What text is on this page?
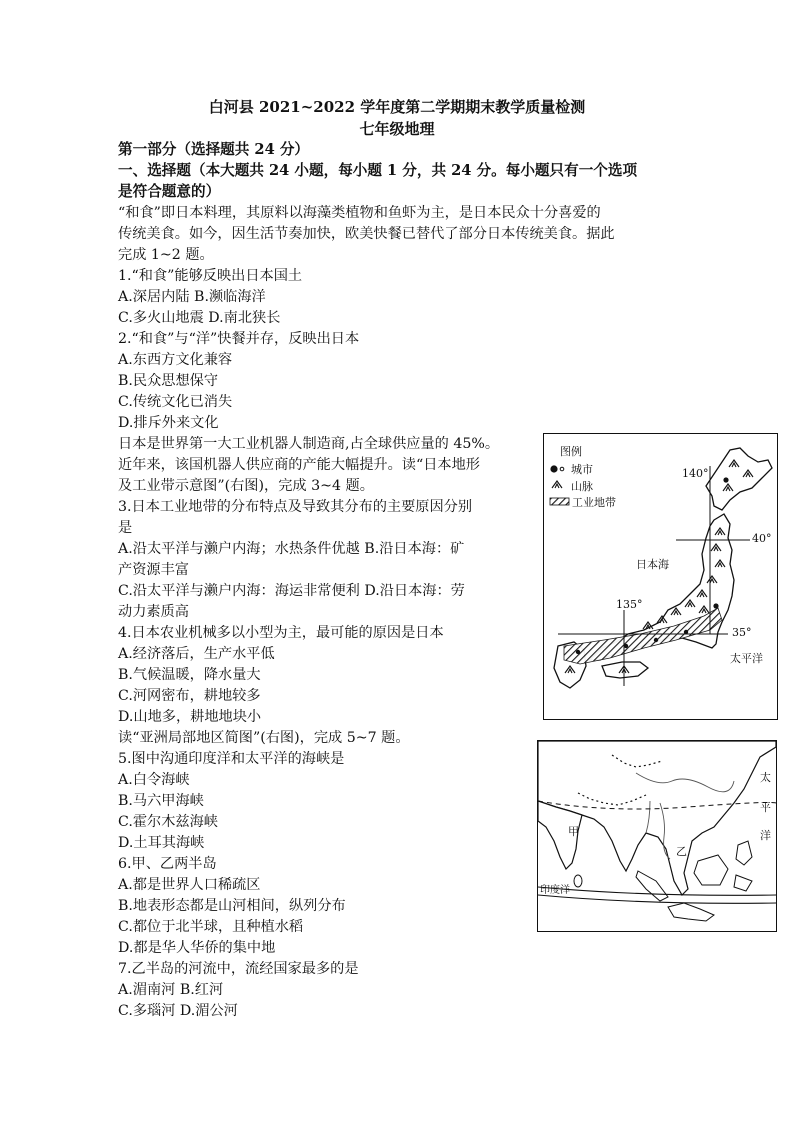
白河县 2021~2022 学年度第二学期期末教学质量检测
七年级地理
第一部分（选择题共 24 分）
一、选择题（本大题共 24 小题，每小题 1 分，共 24 分。每小题只有一个选项
是符合题意的）
“和食”即日本料理，其原料以海藻类植物和鱼虾为主，是日本民众十分喜爱的
传统美食。如今，因生活节奏加快，欧美快餐已替代了部分日本传统美食。据此
完成 1~2 题。
1.“和食”能够反映出日本国土
A.深居内陆 B.濒临海洋
C.多火山地震 D.南北狭长
2.“和食”与“洋”快餐并存，反映出日本
A.东西方文化兼容
B.民众思想保守
C.传统文化已消失
D.排斥外来文化
日本是世界第一大工业机器人制造商,占全球供应量的 45%。
近年来，该国机器人供应商的产能大幅提升。读“日本地形
及工业带示意图”(右图)，完成 3~4 题。
3.日本工业地带的分布特点及导致其分布的主要原因分别
是
A.沿太平洋与濑户内海；水热条件优越 B.沿日本海：矿
产资源丰富
C.沿太平洋与濑户内海：海运非常便利 D.沿日本海：劳
动力素质高
4.日本农业机械多以小型为主，最可能的原因是日本
A.经济落后，生产水平低
B.气候温暖，降水量大
C.河网密布，耕地较多
D.山地多，耕地地块小
读“亚洲局部地区简图”(右图)，完成 5~7 题。
5.图中沟通印度洋和太平洋的海峡是
A.白令海峡
B.马六甲海峡
C.霍尔木兹海峡
D.土耳其海峡
6.甲、乙两半岛
A.都是世界人口稀疏区
B.地表形态都是山河相间，纵列分布
C.都位于北半球，且种植水稻
D.都是华人华侨的集中地
7.乙半岛的河流中，流经国家最多的是
A.湄南河 B.红河
C.多瑙河 D.湄公河
图例
城市
山脉
工业地带
140°
40°
135°
35°
日本海
太平洋
甲
乙
印度洋
太
平
洋
